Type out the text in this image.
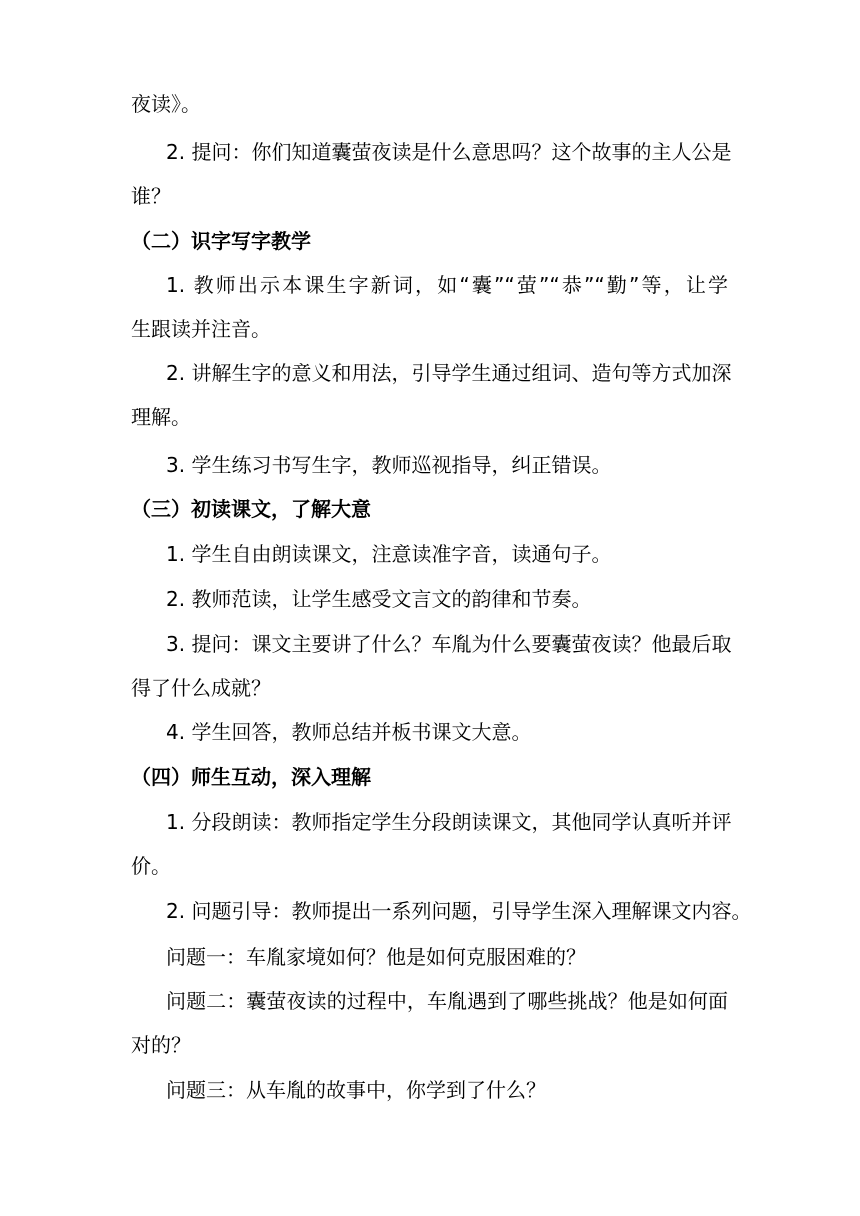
夜读》。
2. 提问：你们知道囊萤夜读是什么意思吗？这个故事的主人公是
谁？
（二）识字写字教学
1. 教师出示本课生字新词，如“囊”“萤”“恭”“勤”等，让学
生跟读并注音。
2. 讲解生字的意义和用法，引导学生通过组词、造句等方式加深
理解。
3. 学生练习书写生字，教师巡视指导，纠正错误。
（三）初读课文，了解大意
1. 学生自由朗读课文，注意读准字音，读通句子。
2. 教师范读，让学生感受文言文的韵律和节奏。
3. 提问：课文主要讲了什么？车胤为什么要囊萤夜读？他最后取
得了什么成就？
4. 学生回答，教师总结并板书课文大意。
（四）师生互动，深入理解
1. 分段朗读：教师指定学生分段朗读课文，其他同学认真听并评
价。
2. 问题引导：教师提出一系列问题，引导学生深入理解课文内容。
问题一：车胤家境如何？他是如何克服困难的？
问题二：囊萤夜读的过程中，车胤遇到了哪些挑战？他是如何面
对的？
问题三：从车胤的故事中，你学到了什么？
